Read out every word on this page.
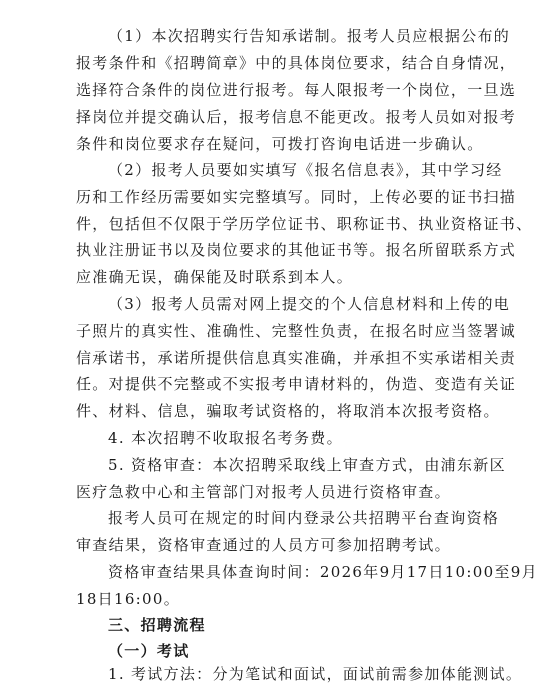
（1）本次招聘实行告知承诺制。报考人员应根据公布的
报考条件和《招聘简章》中的具体岗位要求，结合自身情况，
选择符合条件的岗位进行报考。每人限报考一个岗位，一旦选
择岗位并提交确认后，报考信息不能更改。报考人员如对报考
条件和岗位要求存在疑问，可拨打咨询电话进一步确认。
（2）报考人员要如实填写《报名信息表》，其中学习经
历和工作经历需要如实完整填写。同时，上传必要的证书扫描
件，包括但不仅限于学历学位证书、职称证书、执业资格证书、
执业注册证书以及岗位要求的其他证书等。报名所留联系方式
应准确无误，确保能及时联系到本人。
（3）报考人员需对网上提交的个人信息材料和上传的电
子照片的真实性、准确性、完整性负责，在报名时应当签署诚
信承诺书，承诺所提供信息真实准确，并承担不实承诺相关责
任。对提供不完整或不实报考申请材料的，伪造、变造有关证
件、材料、信息，骗取考试资格的，将取消本次报考资格。
4. 本次招聘不收取报名考务费。
5. 资格审查：本次招聘采取线上审查方式，由浦东新区
医疗急救中心和主管部门对报考人员进行资格审查。
报考人员可在规定的时间内登录公共招聘平台查询资格
审查结果，资格审查通过的人员方可参加招聘考试。
资格审查结果具体查询时间：2026年9月17日10:00至9月
18日16:00。
三、招聘流程
（一）考试
1. 考试方法：分为笔试和面试，面试前需参加体能测试。
